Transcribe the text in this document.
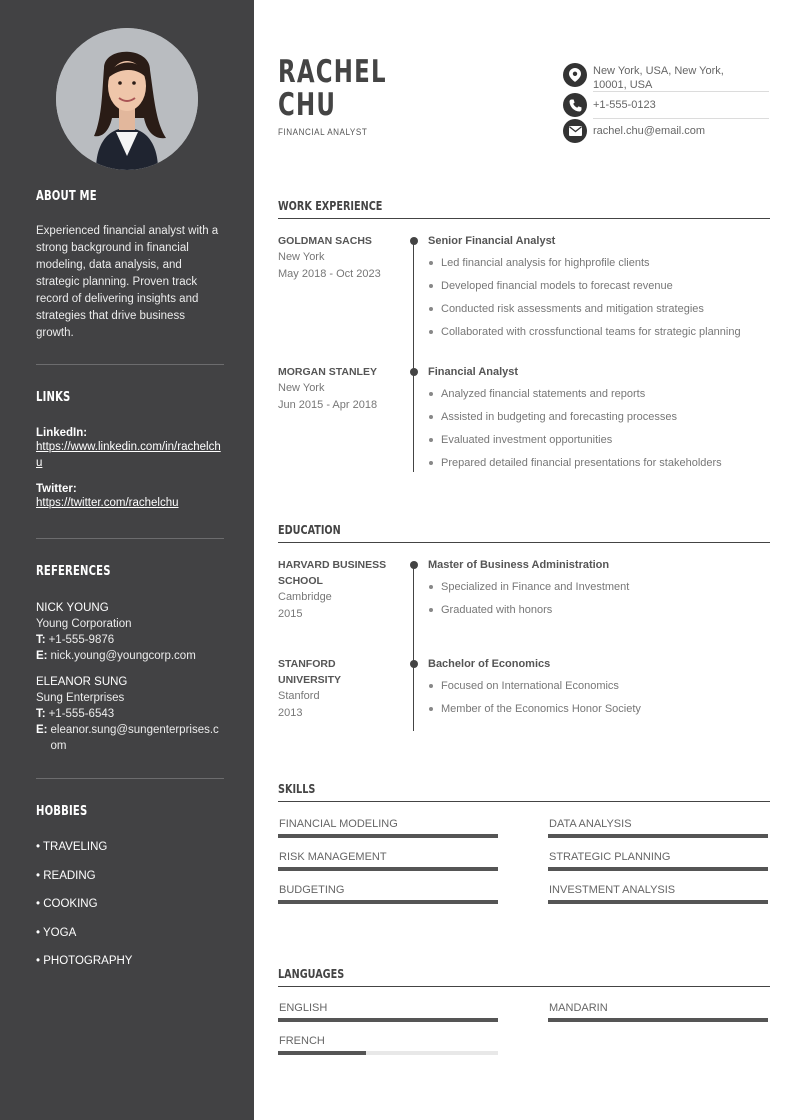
ABOUT ME
Experienced financial analyst with a strong background in financial modeling, data analysis, and strategic planning. Proven track record of delivering insights and strategies that drive business growth.
LINKS
LinkedIn:
https://www.linkedin.com/in/rachelchu
Twitter:
https://twitter.com/rachelchu
REFERENCES
NICK YOUNG
Young Corporation
T: +1-555-9876
E: nick.young@youngcorp.com
ELEANOR SUNG
Sung Enterprises
T: +1-555-6543
E: eleanor.sung@sungenterprises.com
HOBBIES
• TRAVELING
• READING
• COOKING
• YOGA
• PHOTOGRAPHY
RACHEL
CHU
FINANCIAL ANALYST
New York, USA, New York, 10001, USA
+1-555-0123
rachel.chu@email.com
WORK EXPERIENCE
GOLDMAN SACHS
New York
May 2018 - Oct 2023
Senior Financial Analyst
Led financial analysis for highprofile clients
Developed financial models to forecast revenue
Conducted risk assessments and mitigation strategies
Collaborated with crossfunctional teams for strategic planning
MORGAN STANLEY
New York
Jun 2015 - Apr 2018
Financial Analyst
Analyzed financial statements and reports
Assisted in budgeting and forecasting processes
Evaluated investment opportunities
Prepared detailed financial presentations for stakeholders
EDUCATION
HARVARD BUSINESS SCHOOL
Cambridge
2015
Master of Business Administration
Specialized in Finance and Investment
Graduated with honors
STANFORD UNIVERSITY
Stanford
2013
Bachelor of Economics
Focused on International Economics
Member of the Economics Honor Society
SKILLS
FINANCIAL MODELING	DATA ANALYSIS
RISK MANAGEMENT	STRATEGIC PLANNING
BUDGETING	INVESTMENT ANALYSIS
LANGUAGES
ENGLISH	MANDARIN
FRENCH
